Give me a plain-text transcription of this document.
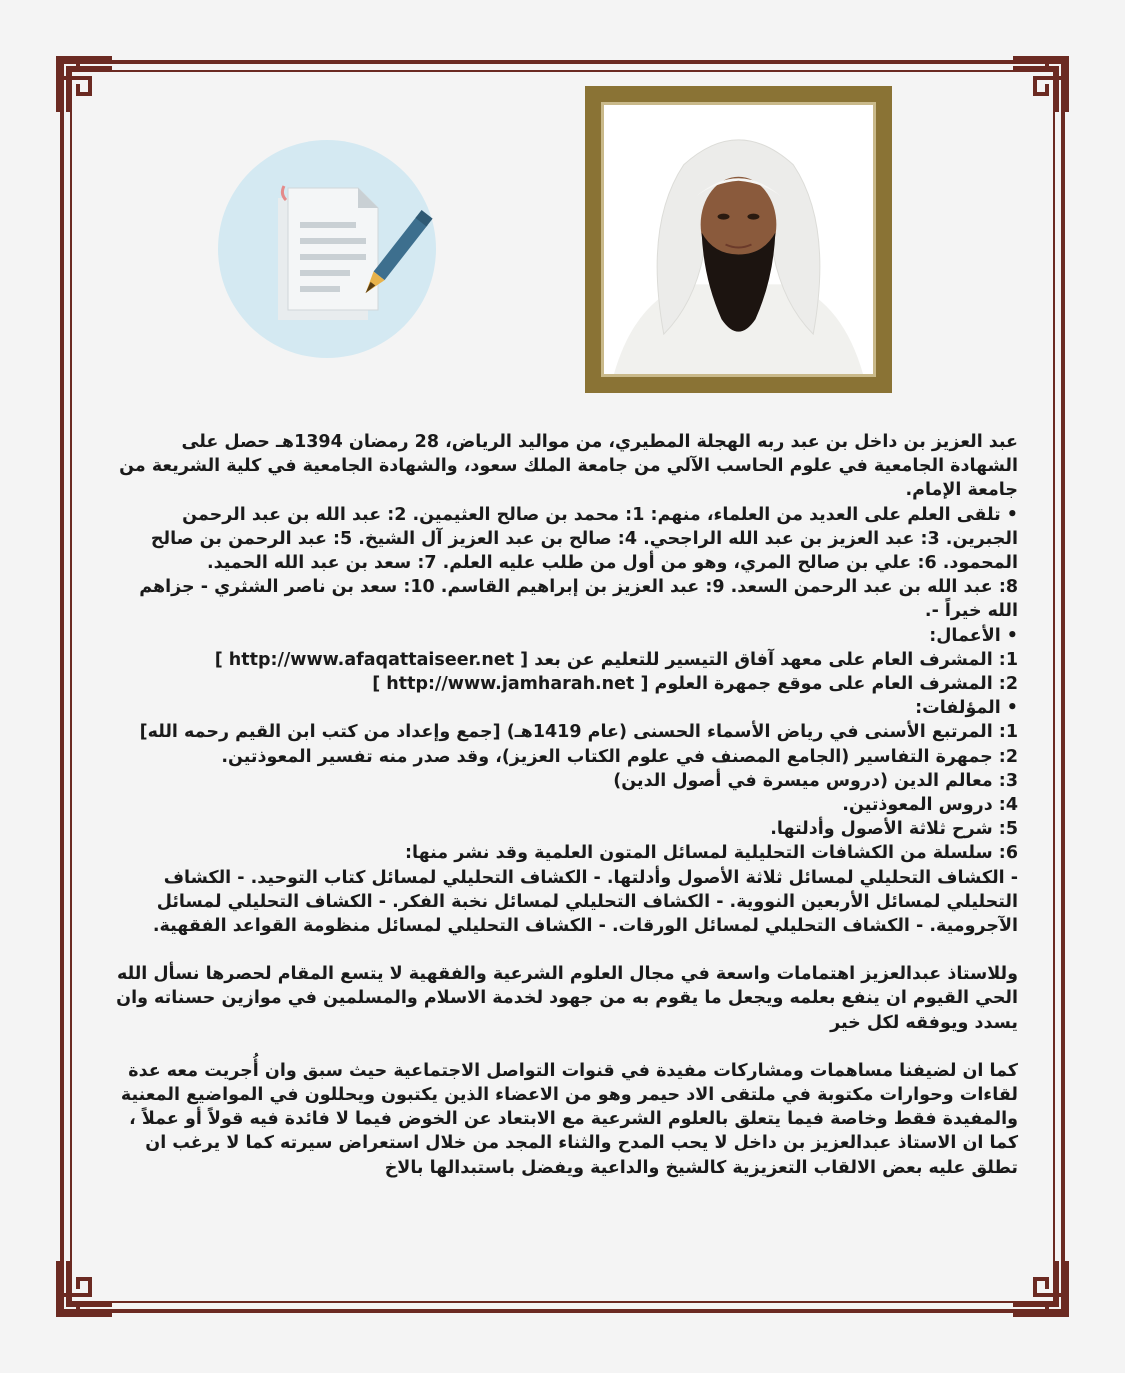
عبد العزيز بن داخل بن عبد ربه الهجلة المطيري، من مواليد الرياض، 28 رمضان 1394هـ حصل على الشهادة الجامعية في علوم الحاسب الآلي من جامعة الملك سعود، والشهادة الجامعية في كلية الشريعة من جامعة الإمام.

• تلقى العلم على العديد من العلماء، منهم: 1: محمد بن صالح العثيمين. 2: عبد الله بن عبد الرحمن الجبرين. 3: عبد العزيز بن عبد الله الراجحي. 4: صالح بن عبد العزيز آل الشيخ. 5: عبد الرحمن بن صالح المحمود. 6: علي بن صالح المري، وهو من أول من طلب عليه العلم. 7: سعد بن عبد الله الحميد.

8: عبد الله بن عبد الرحمن السعد. 9: عبد العزيز بن إبراهيم القاسم. 10: سعد بن ناصر الشثري - جزاهم الله خيراً -.

• الأعمال:

1: المشرف العام على معهد آفاق التيسير للتعليم عن بعد [ http://www.afaqattaiseer.net ]

2: المشرف العام على موقع جمهرة العلوم [ http://www.jamharah.net ]

• المؤلفات:

1: المرتبع الأسنى في رياض الأسماء الحسنى (عام 1419هـ) [جمع وإعداد من كتب ابن القيم رحمه الله]

2: جمهرة التفاسير (الجامع المصنف في علوم الكتاب العزيز)، وقد صدر منه تفسير المعوذتين.

3: معالم الدين (دروس ميسرة في أصول الدين)

4: دروس المعوذتين.

5: شرح ثلاثة الأصول وأدلتها.

6: سلسلة من الكشافات التحليلية لمسائل المتون العلمية وقد نشر منها:

- الكشاف التحليلي لمسائل ثلاثة الأصول وأدلتها. - الكشاف التحليلي لمسائل كتاب التوحيد. - الكشاف التحليلي لمسائل الأربعين النووية. - الكشاف التحليلي لمسائل نخبة الفكر. - الكشاف التحليلي لمسائل الآجرومية. - الكشاف التحليلي لمسائل الورقات. - الكشاف التحليلي لمسائل منظومة القواعد الفقهية.

وللاستاذ عبدالعزيز اهتمامات واسعة في مجال العلوم الشرعية والفقهية لا يتسع المقام لحصرها نسأل الله الحي القيوم ان ينفع بعلمه ويجعل ما يقوم به من جهود لخدمة الاسلام والمسلمين في موازين حسناته وان يسدد ويوفقه لكل خير

كما ان لضيفنا مساهمات ومشاركات مفيدة في قنوات التواصل الاجتماعية حيث سبق وان أُجريت معه عدة لقاءات وحوارات مكتوبة في ملتقى الاد حيمر وهو من الاعضاء الذين يكتبون ويحللون في المواضيع المعنية والمفيدة فقط وخاصة فيما يتعلق بالعلوم الشرعية مع الابتعاد عن الخوض فيما لا فائدة فيه قولاً أو عملاً ، كما ان الاستاذ عبدالعزيز بن داخل لا يحب المدح والثناء المجد من خلال استعراض سيرته كما لا يرغب ان تطلق عليه بعض الالقاب التعزيزية كالشيخ والداعية ويفضل باستبدالها بالاخ
